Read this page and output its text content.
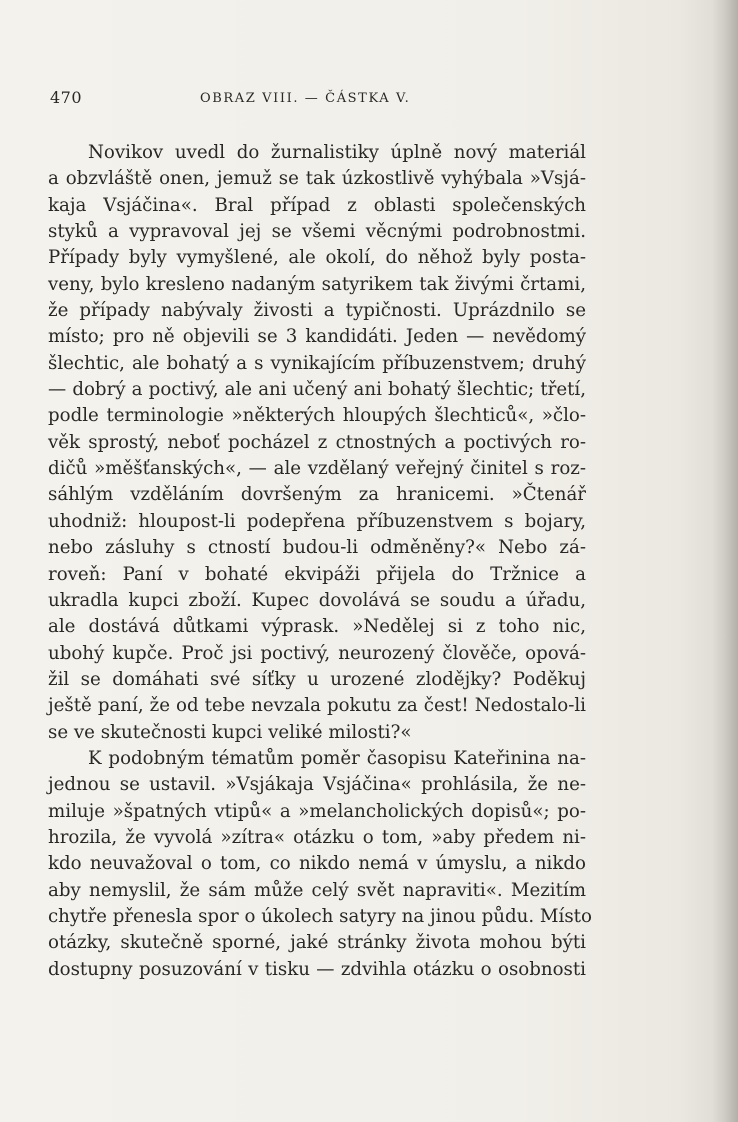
470	OBRAZ VIII. — ČÁSTKA V.
Novikov uvedl do žurnalistiky úplně nový materiál
a obzvláště onen, jemuž se tak úzkostlivě vyhýbala »Vsjá-
kaja Vsjáčina«. Bral případ z oblasti společenských
styků a vypravoval jej se všemi věcnými podrobnostmi.
Případy byly vymyšlené, ale okolí, do něhož byly posta-
veny, bylo kresleno nadaným satyrikem tak živými črtami,
že případy nabývaly živosti a typičnosti. Uprázdnilo se
místo; pro ně objevili se 3 kandidáti. Jeden — nevědomý
šlechtic, ale bohatý a s vynikajícím příbuzenstvem; druhý
— dobrý a poctivý, ale ani učený ani bohatý šlechtic; třetí,
podle terminologie »některých hloupých šlechticů«, »člo-
věk sprostý, neboť pocházel z ctnostných a poctivých ro-
dičů »měšťanských«, — ale vzdělaný veřejný činitel s roz-
sáhlým vzděláním dovršeným za hranicemi. »Čtenář
uhodniž: hloupost-li podepřena příbuzenstvem s bojary,
nebo zásluhy s ctností budou-li odměněny?« Nebo zá-
roveň: Paní v bohaté ekvipáži přijela do Tržnice a
ukradla kupci zboží. Kupec dovolává se soudu a úřadu,
ale dostává důtkami výprask. »Nedělej si z toho nic,
ubohý kupče. Proč jsi poctivý, neurozený člověče, opová-
žil se domáhati své síťky u urozené zlodějky? Poděkuj
ještě paní, že od tebe nevzala pokutu za čest! Nedostalo-li
se ve skutečnosti kupci veliké milosti?«
K podobným tématům poměr časopisu Kateřinina na-
jednou se ustavil. »Vsjákaja Vsjáčina« prohlásila, že ne-
miluje »špatných vtipů« a »melancholických dopisů«; po-
hrozila, že vyvolá »zítra« otázku o tom, »aby předem ni-
kdo neuvažoval o tom, co nikdo nemá v úmyslu, a nikdo
aby nemyslil, že sám může celý svět napraviti«. Mezitím
chytře přenesla spor o úkolech satyry na jinou půdu. Místo
otázky, skutečně sporné, jaké stránky života mohou býti
dostupny posuzování v tisku — zdvihla otázku o osobnosti
